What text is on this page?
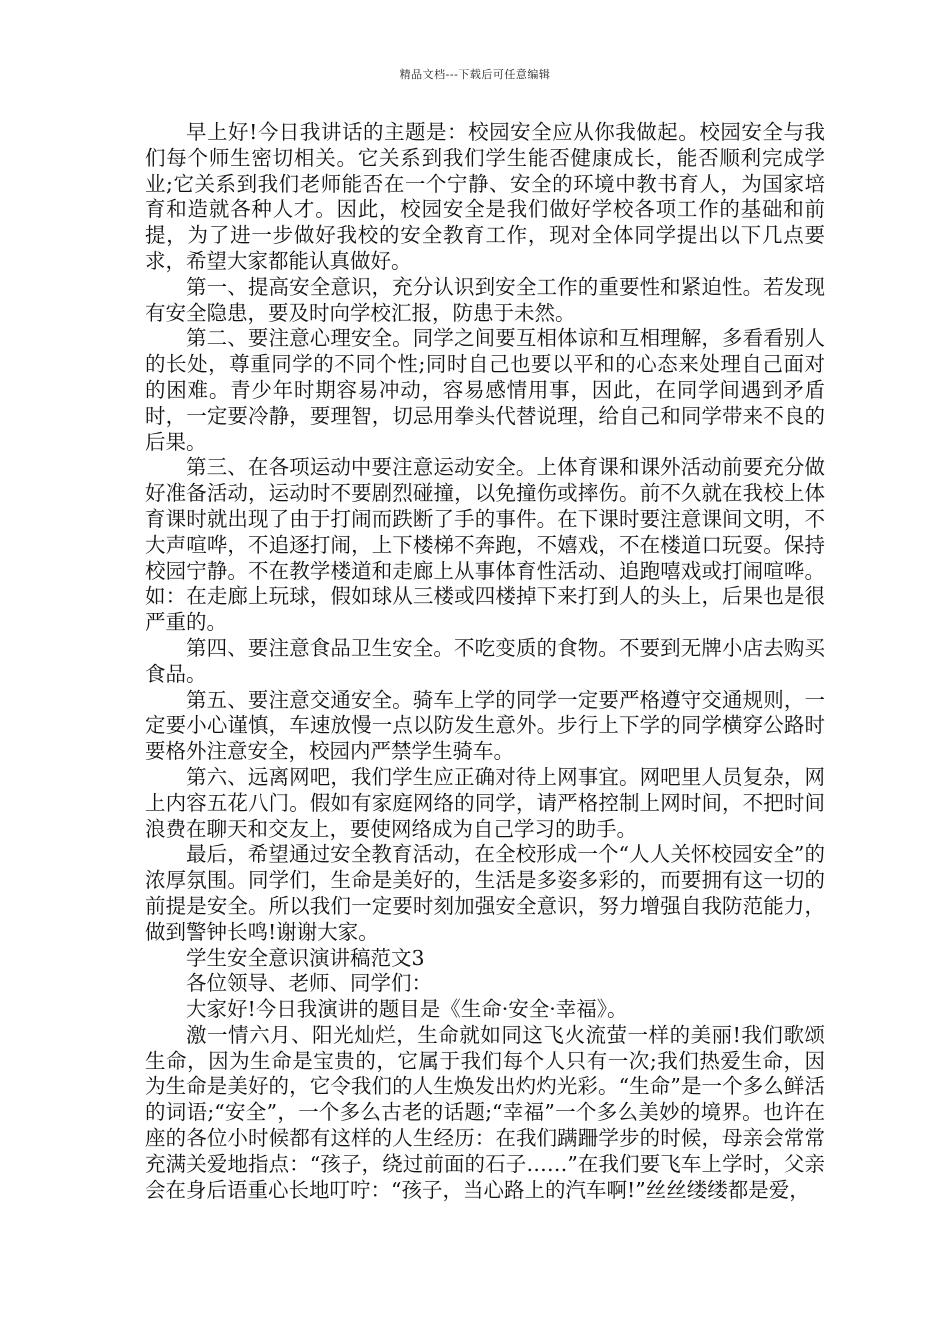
精品文档---下载后可任意编辑

早上好!今日我讲话的主题是：校园安全应从你我做起。校园安全与我们每个师生密切相关。它关系到我们学生能否健康成长，能否顺利完成学业;它关系到我们老师能否在一个宁静、安全的环境中教书育人，为国家培育和造就各种人才。因此，校园安全是我们做好学校各项工作的基础和前提，为了进一步做好我校的安全教育工作，现对全体同学提出以下几点要求，希望大家都能认真做好。

第一、提高安全意识，充分认识到安全工作的重要性和紧迫性。若发现有安全隐患，要及时向学校汇报，防患于未然。

第二、要注意心理安全。同学之间要互相体谅和互相理解，多看看别人的长处，尊重同学的不同个性;同时自己也要以平和的心态来处理自己面对的困难。青少年时期容易冲动，容易感情用事，因此，在同学间遇到矛盾时，一定要冷静，要理智，切忌用拳头代替说理，给自己和同学带来不良的后果。

第三、在各项运动中要注意运动安全。上体育课和课外活动前要充分做好准备活动，运动时不要剧烈碰撞，以免撞伤或摔伤。前不久就在我校上体育课时就出现了由于打闹而跌断了手的事件。在下课时要注意课间文明，不大声喧哗，不追逐打闹，上下楼梯不奔跑，不嬉戏，不在楼道口玩耍。保持校园宁静。不在教学楼道和走廊上从事体育性活动、追跑嘻戏或打闹喧哗。如：在走廊上玩球，假如球从三楼或四楼掉下来打到人的头上，后果也是很严重的。

第四、要注意食品卫生安全。不吃变质的食物。不要到无牌小店去购买食品。

第五、要注意交通安全。骑车上学的同学一定要严格遵守交通规则，一定要小心谨慎，车速放慢一点以防发生意外。步行上下学的同学横穿公路时要格外注意安全，校园内严禁学生骑车。

第六、远离网吧，我们学生应正确对待上网事宜。网吧里人员复杂，网上内容五花八门。假如有家庭网络的同学，请严格控制上网时间，不把时间浪费在聊天和交友上，要使网络成为自己学习的助手。

最后，希望通过安全教育活动，在全校形成一个“人人关怀校园安全”的浓厚氛围。同学们，生命是美好的，生活是多姿多彩的，而要拥有这一切的前提是安全。所以我们一定要时刻加强安全意识，努力增强自我防范能力，做到警钟长鸣!谢谢大家。

学生安全意识演讲稿范文3

各位领导、老师、同学们：

大家好!今日我演讲的题目是《生命·安全·幸福》。

激一情六月、阳光灿烂，生命就如同这飞火流萤一样的美丽!我们歌颂生命，因为生命是宝贵的，它属于我们每个人只有一次;我们热爱生命，因为生命是美好的，它令我们的人生焕发出灼灼光彩。“生命”是一个多么鲜活的词语;“安全”，一个多么古老的话题;“幸福”一个多么美妙的境界。也许在座的各位小时候都有这样的人生经历：在我们蹒跚学步的时候，母亲会常常充满关爱地指点：“孩子，绕过前面的石子……”在我们要飞车上学时，父亲会在身后语重心长地叮咛：“孩子，当心路上的汽车啊!”丝丝缕缕都是爱，
